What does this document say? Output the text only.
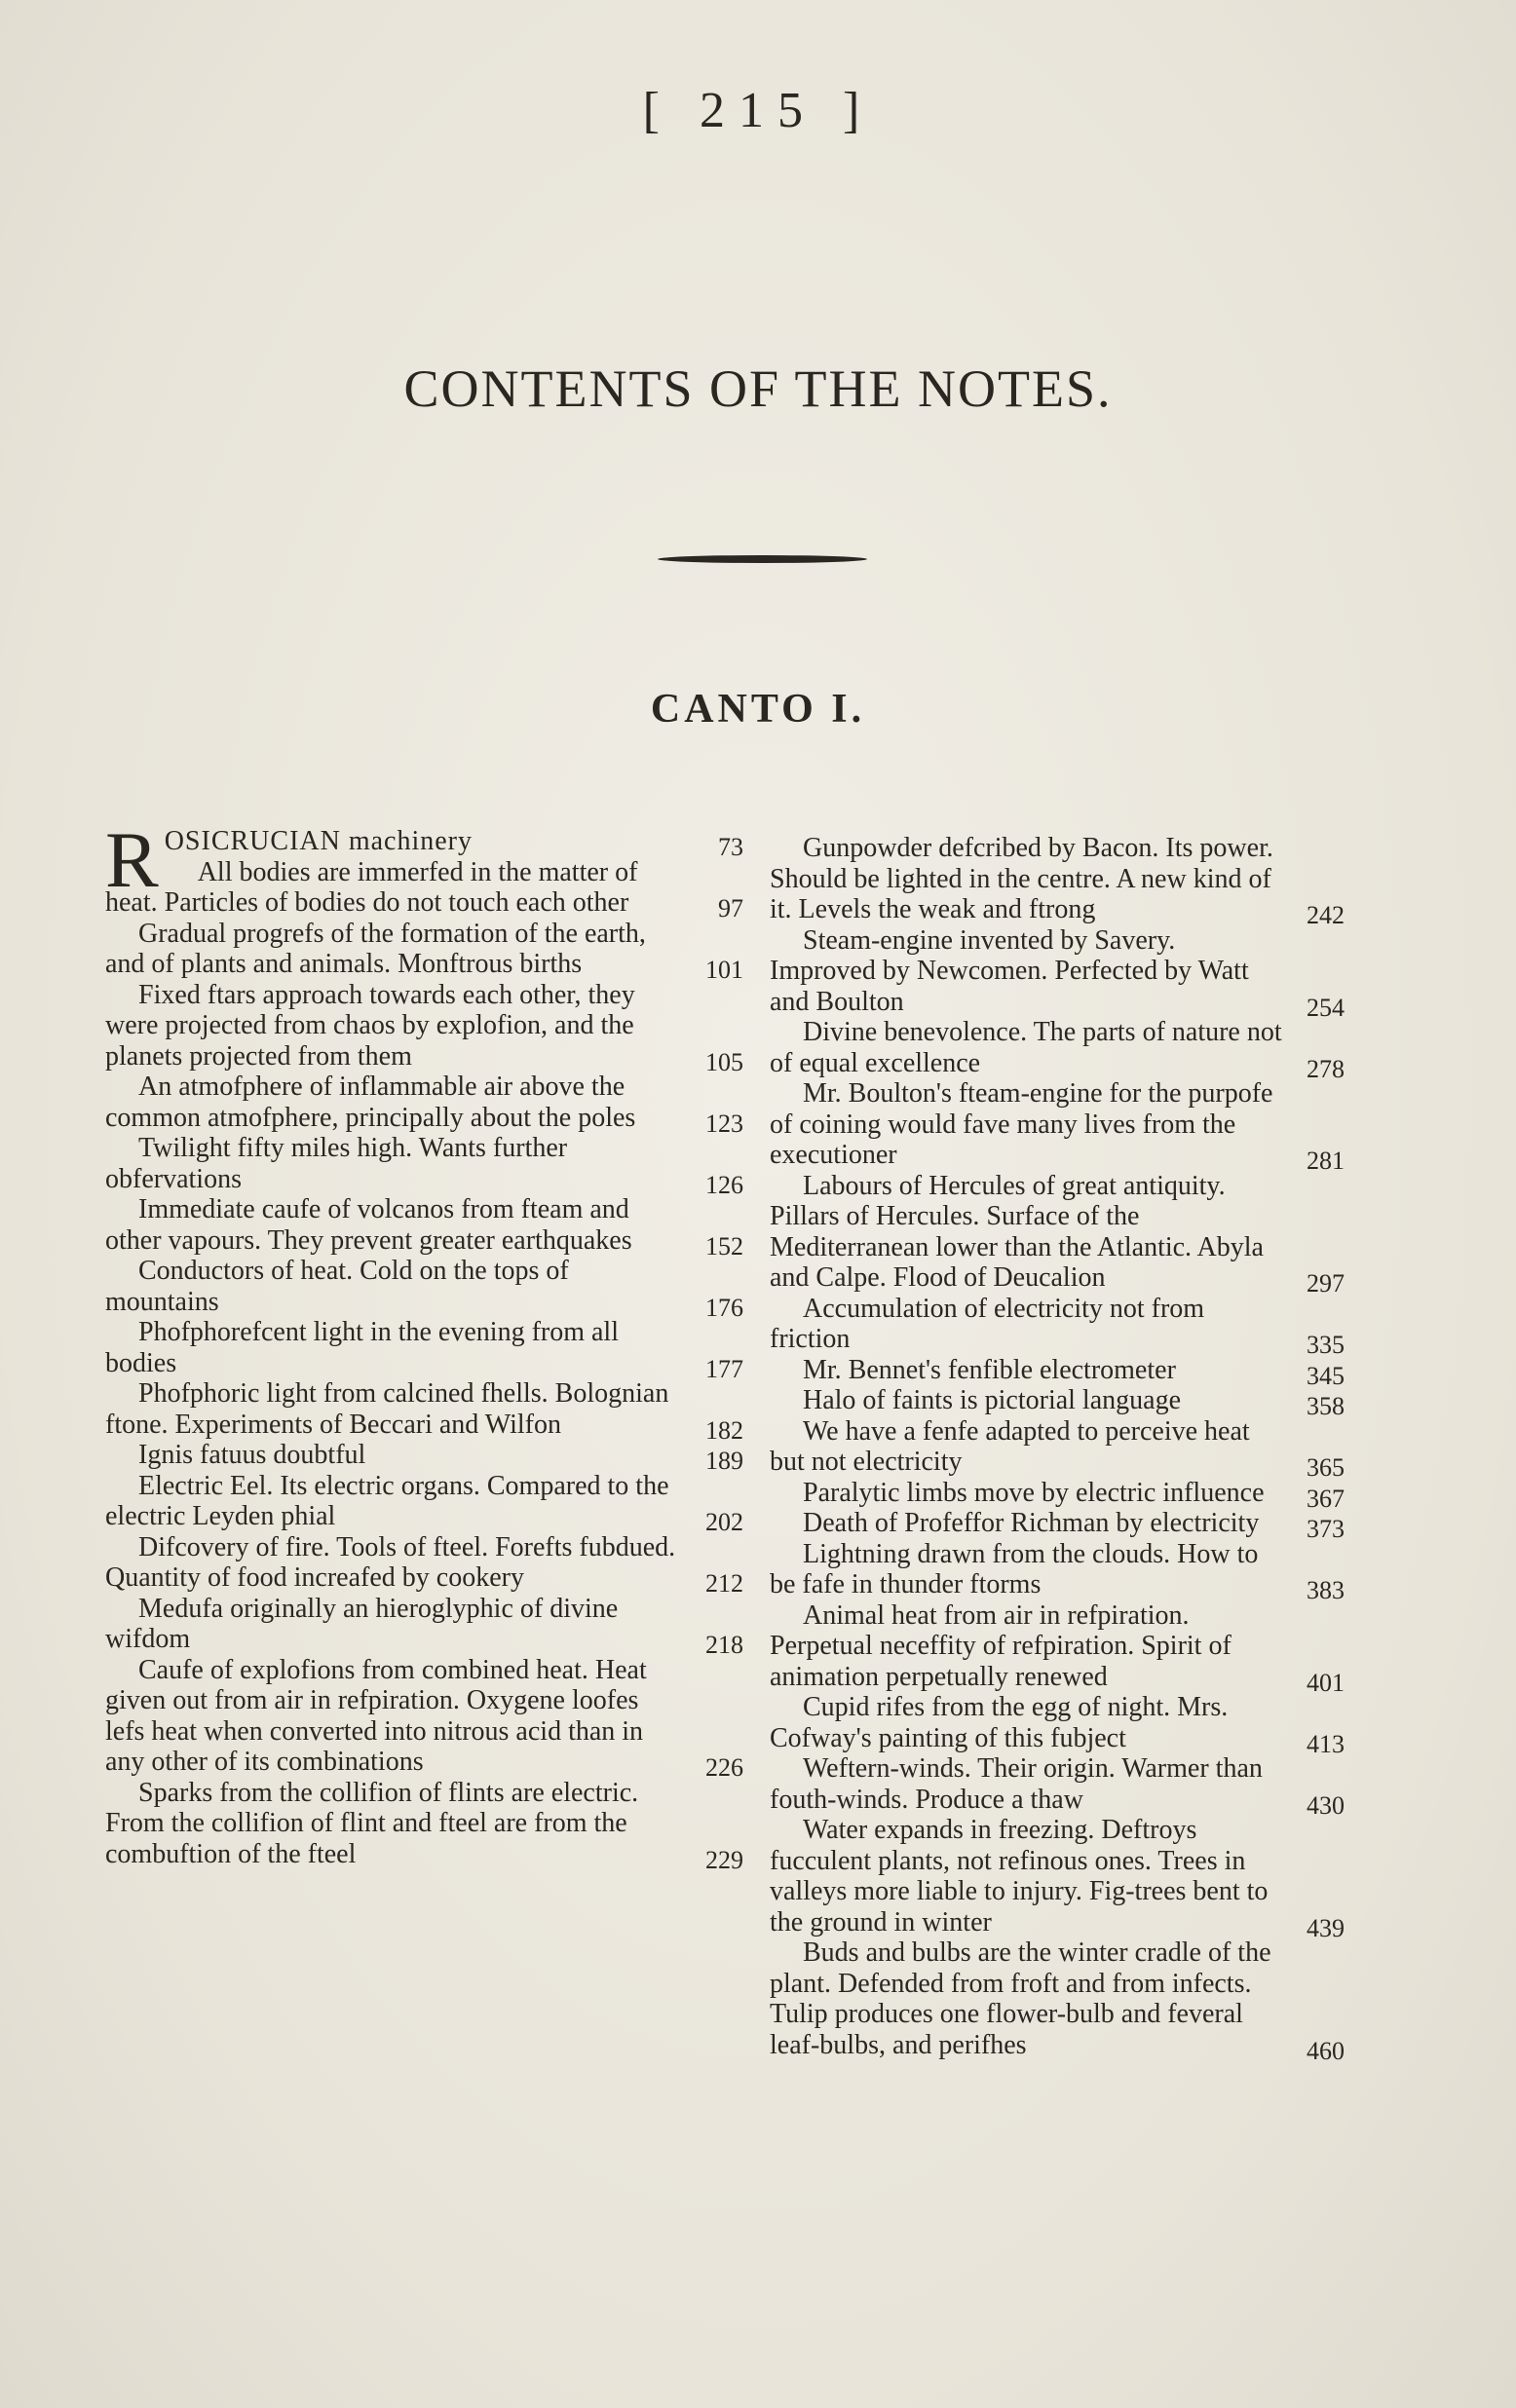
[ 215 ]
CONTENTS OF THE NOTES.
CANTO I.
ROSICRUCIAN machinery	73
All bodies are immerfed in the matter of heat. Particles of bodies do not touch each other	97
Gradual progrefs of the formation of the earth, and of plants and animals. Monftrous births	101
Fixed ftars approach towards each other, they were projected from chaos by explofion, and the planets projected from them	105
An atmofphere of inflammable air above the common atmofphere, principally about the poles	123
Twilight fifty miles high. Wants further obfervations	126
Immediate caufe of volcanos from fteam and other vapours. They prevent greater earthquakes	152
Conductors of heat. Cold on the tops of mountains	176
Phofphorefcent light in the evening from all bodies	177
Phofphoric light from calcined fhells. Bolognian ftone. Experiments of Beccari and Wilfon	182
Ignis fatuus doubtful	189
Electric Eel. Its electric organs. Compared to the electric Leyden phial	202
Difcovery of fire. Tools of fteel. Forefts fubdued. Quantity of food increafed by cookery	212
Medufa originally an hieroglyphic of divine wifdom	218
Caufe of explofions from combined heat. Heat given out from air in refpiration. Oxygene loofes lefs heat when converted into nitrous acid than in any other of its combinations	226
Sparks from the collifion of flints are electric. From the collifion of flint and fteel are from the combuftion of the fteel	229
Gunpowder defcribed by Bacon. Its power. Should be lighted in the centre. A new kind of it. Levels the weak and ftrong	242
Steam-engine invented by Savery. Improved by Newcomen. Perfected by Watt and Boulton	254
Divine benevolence. The parts of nature not of equal excellence	278
Mr. Boulton's fteam-engine for the purpofe of coining would fave many lives from the executioner	281
Labours of Hercules of great antiquity. Pillars of Hercules. Surface of the Mediterranean lower than the Atlantic. Abyla and Calpe. Flood of Deucalion	297
Accumulation of electricity not from friction	335
Mr. Bennet's fenfible electrometer	345
Halo of faints is pictorial language	358
We have a fenfe adapted to perceive heat but not electricity	365
Paralytic limbs move by electric influence	367
Death of Profeffor Richman by electricity	373
Lightning drawn from the clouds. How to be fafe in thunder ftorms	383
Animal heat from air in refpiration. Perpetual neceffity of refpiration. Spirit of animation perpetually renewed	401
Cupid rifes from the egg of night. Mrs. Cofway's painting of this fubject	413
Weftern-winds. Their origin. Warmer than fouth-winds. Produce a thaw	430
Water expands in freezing. Deftroys fucculent plants, not refinous ones. Trees in valleys more liable to injury. Fig-trees bent to the ground in winter	439
Buds and bulbs are the winter cradle of the plant. Defended from froft and from infects. Tulip produces one flower-bulb and feveral leaf-bulbs, and perifhes	460
